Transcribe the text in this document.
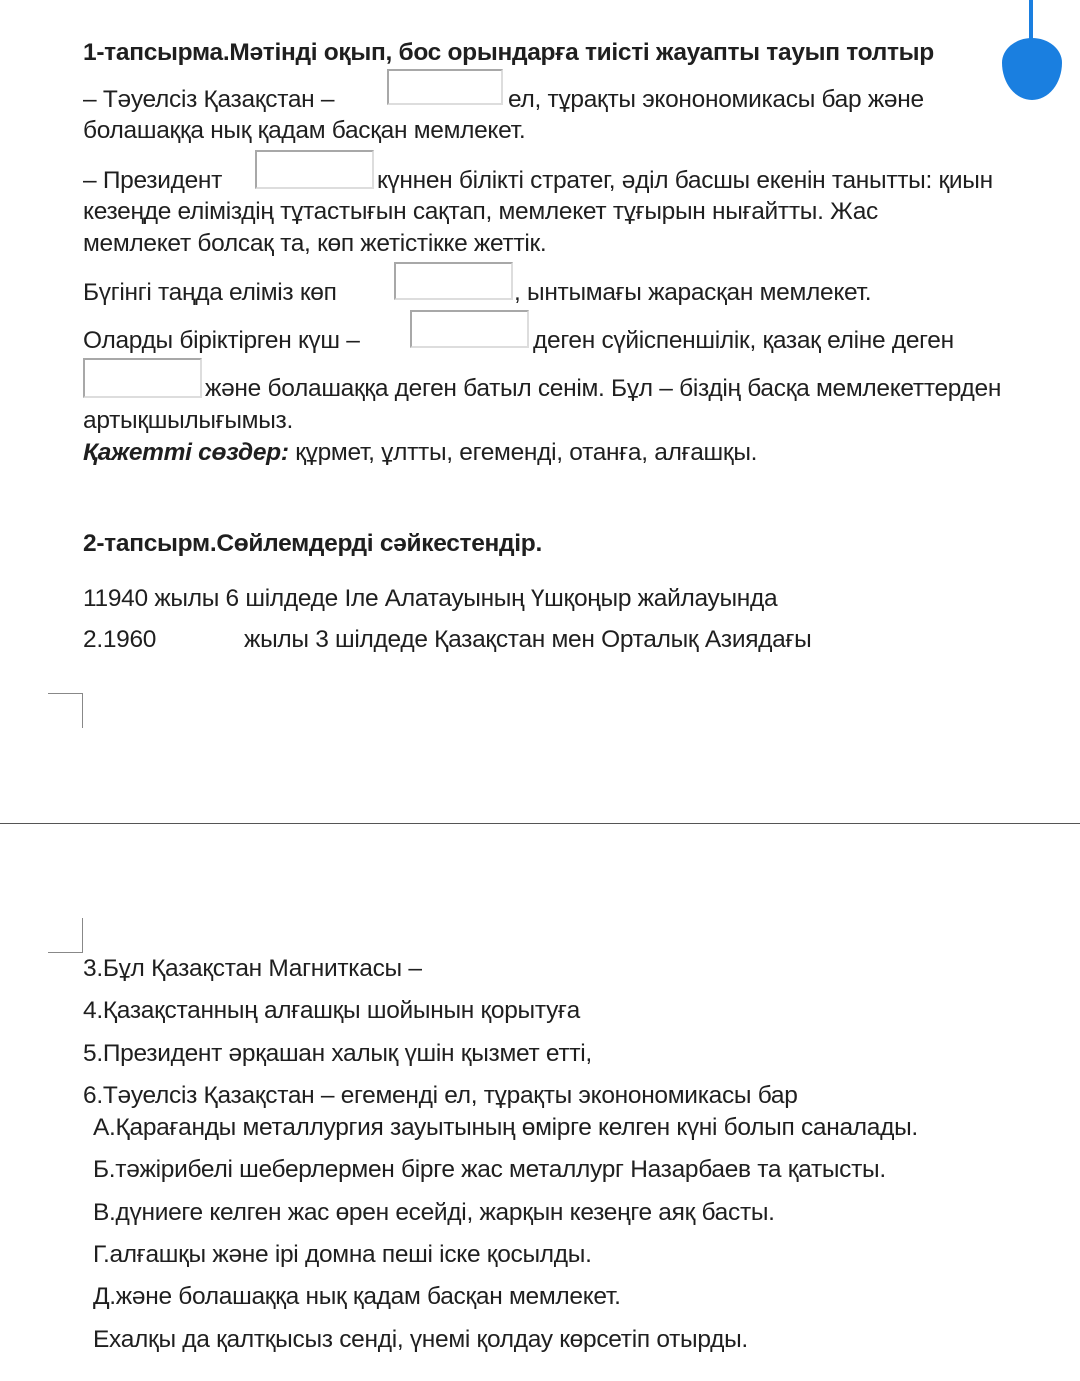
1-тапсырма.Мәтінді оқып, бос орындарға тиісті жауапты тауып толтыр
– Тәуелсіз Қазақстан –	ел, тұрақты эконономикасы бар және
болашаққа нық қадам басқан мемлекет.
– Президент	күннен білікті стратег, әділ басшы екенін танытты: қиын
кезеңде еліміздің тұтастығын сақтап, мемлекет тұғырын нығайтты. Жас
мемлекет болсақ та, көп жетістікке жеттік.
Бүгінгі таңда еліміз көп	, ынтымағы жарасқан мемлекет.
Оларды біріктірген күш –	деген сүйіспеншілік, қазақ еліне деген
және болашаққа деген батыл сенім. Бұл – біздің басқа мемлекеттерден
артықшылығымыз.
Қажетті сөздер: құрмет, ұлтты, егеменді, отанға, алғашқы.
2-тапсырм.Сөйлемдерді сәйкестендір.
11940 жылы 6 шілдеде Іле Алатауының Үшқоңыр жайлауында
2.1960	жылы 3 шілдеде Қазақстан мен Орталық Азиядағы
3.Бұл Қазақстан Магниткасы –
4.Қазақстанның алғашқы шойынын қорытуға
5.Президент әрқашан халық үшін қызмет етті,
6.Тәуелсіз Қазақстан – егеменді ел, тұрақты эконономикасы бар
А.Қарағанды металлургия зауытының өмірге келген күні болып саналады.
Б.тәжірибелі шеберлермен бірге жас металлург Назарбаев та қатысты.
В.дүниеге келген жас өрен есейді, жарқын кезеңге аяқ басты.
Г.алғашқы және ірі домна пеші іске қосылды.
Д.және болашаққа нық қадам басқан мемлекет.
Ехалқы да қалтқысыз сенді, үнемі қолдау көрсетіп отырды.
